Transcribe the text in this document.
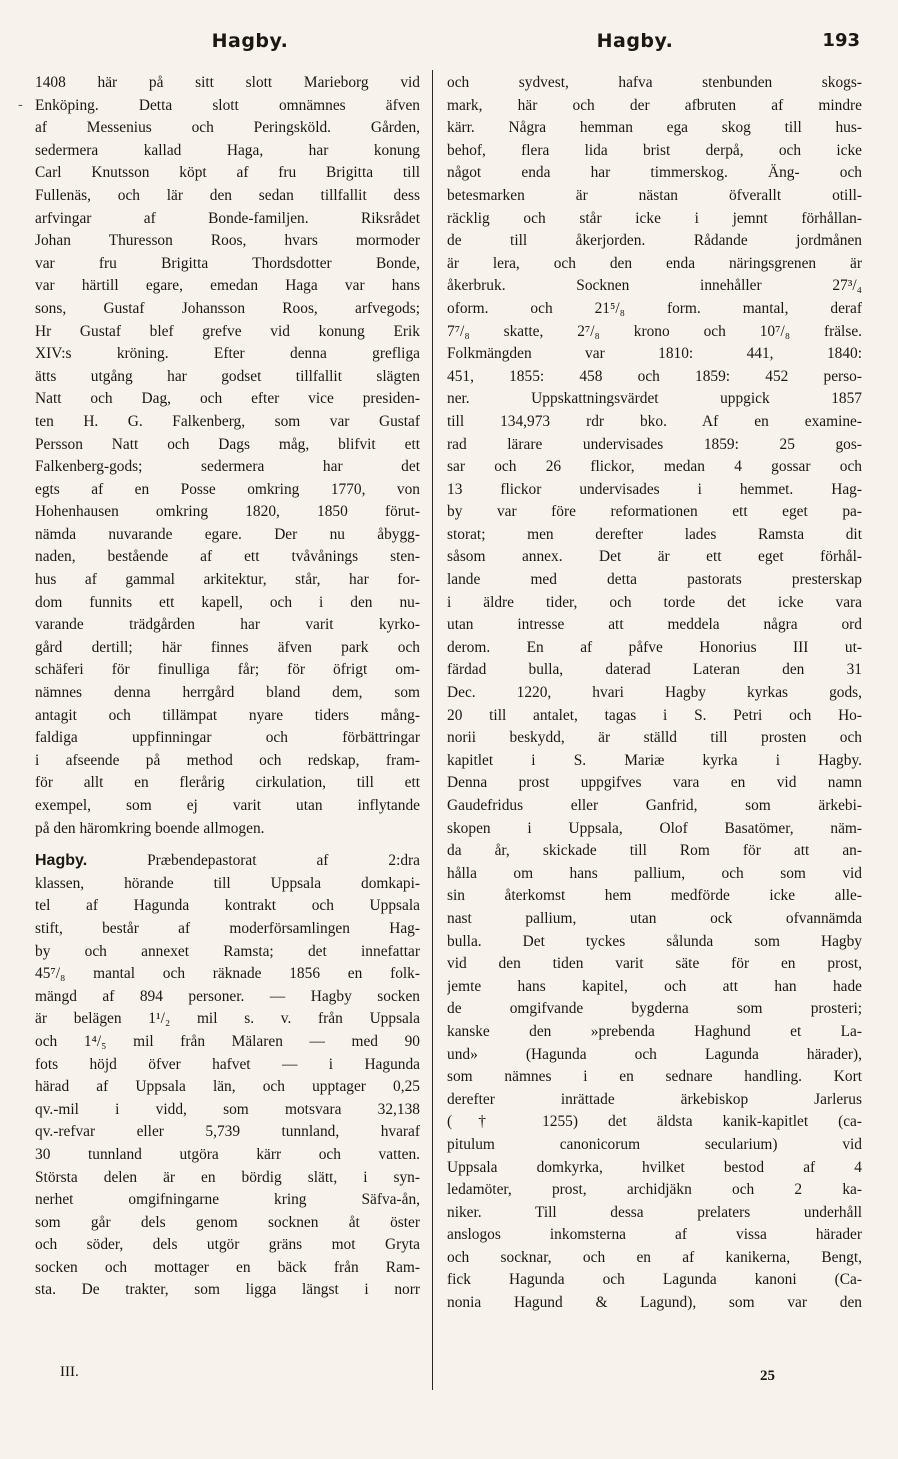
Hagby.	Hagby.	193
-
1408 här på sitt slott Marieborg vid
Enköping. Detta slott omnämnes äfven
af Messenius och Peringsköld. Gården,
sedermera kallad Haga, har konung
Carl Knutsson köpt af fru Brigitta till
Fullenäs, och lär den sedan tillfallit dess
arfvingar af Bonde-familjen. Riksrådet
Johan Thuresson Roos, hvars mormoder
var fru Brigitta Thordsdotter Bonde,
var härtill egare, emedan Haga var hans
sons, Gustaf Johansson Roos, arfvegods;
Hr Gustaf blef grefve vid konung Erik
XIV:s kröning. Efter denna grefliga
ätts utgång har godset tillfallit slägten
Natt och Dag, och efter vice presiden-
ten H. G. Falkenberg, som var Gustaf
Persson Natt och Dags måg, blifvit ett
Falkenberg-gods; sedermera har det
egts af en Posse omkring 1770, von
Hohenhausen omkring 1820, 1850 förut-
nämda nuvarande egare. Der nu åbygg-
naden, bestående af ett tvåvånings sten-
hus af gammal arkitektur, står, har for-
dom funnits ett kapell, och i den nu-
varande trädgården har varit kyrko-
gård dertill; här finnes äfven park och
schäferi för finulliga får; för öfrigt om-
nämnes denna herrgård bland dem, som
antagit och tillämpat nyare tiders mång-
faldiga uppfinningar och förbättringar
i afseende på method och redskap, fram-
för allt en flerårig cirkulation, till ett
exempel, som ej varit utan inflytande
på den häromkring boende allmogen.
Hagby. Præbendepastorat af 2:dra
klassen, hörande till Uppsala domkapi-
tel af Hagunda kontrakt och Uppsala
stift, består af moderförsamlingen Hag-
by och annexet Ramsta; det innefattar
45⁷/₈ mantal och räknade 1856 en folk-
mängd af 894 personer. — Hagby socken
är belägen 1¹/₂ mil s. v. från Uppsala
och 1⁴/₅ mil från Mälaren — med 90
fots höjd öfver hafvet — i Hagunda
härad af Uppsala län, och upptager 0,25
qv.-mil i vidd, som motsvara 32,138
qv.-refvar eller 5,739 tunnland, hvaraf
30 tunnland utgöra kärr och vatten.
Största delen är en bördig slätt, i syn-
nerhet omgifningarne kring Säfva-ån,
som går dels genom socknen åt öster
och söder, dels utgör gräns mot Gryta
socken och mottager en bäck från Ram-
sta. De trakter, som ligga längst i norr
och sydvest, hafva stenbunden skogs-
mark, här och der afbruten af mindre
kärr. Några hemman ega skog till hus-
behof, flera lida brist derpå, och icke
något enda har timmerskog. Äng- och
betesmarken är nästan öfverallt otill-
räcklig och står icke i jemnt förhållan-
de till åkerjorden. Rådande jordmånen
är lera, och den enda näringsgrenen är
åkerbruk. Socknen innehåller 27³/₄
oform. och 21⁵/₈ form. mantal, deraf
7⁷/₈ skatte, 2⁷/₈ krono och 10⁷/₈ frälse.
Folkmängden var 1810: 441, 1840:
451, 1855: 458 och 1859: 452 perso-
ner. Uppskattningsvärdet uppgick 1857
till 134,973 rdr bko. Af en examine-
rad lärare undervisades 1859: 25 gos-
sar och 26 flickor, medan 4 gossar och
13 flickor undervisades i hemmet. Hag-
by var före reformationen ett eget pa-
storat; men derefter lades Ramsta dit
såsom annex. Det är ett eget förhål-
lande med detta pastorats presterskap
i äldre tider, och torde det icke vara
utan intresse att meddela några ord
derom. En af påfve Honorius III ut-
färdad bulla, daterad Lateran den 31
Dec. 1220, hvari Hagby kyrkas gods,
20 till antalet, tagas i S. Petri och Ho-
norii beskydd, är ställd till prosten och
kapitlet i S. Mariæ kyrka i Hagby.
Denna prost uppgifves vara en vid namn
Gaudefridus eller Ganfrid, som ärkebi-
skopen i Uppsala, Olof Basatömer, näm-
da år, skickade till Rom för att an-
hålla om hans pallium, och som vid
sin återkomst hem medförde icke alle-
nast pallium, utan ock ofvannämda
bulla. Det tyckes sålunda som Hagby
vid den tiden varit säte för en prost,
jemte hans kapitel, och att han hade
de omgifvande bygderna som prosteri;
kanske den »prebenda Haghund et La-
und» (Hagunda och Lagunda härader),
som nämnes i en sednare handling. Kort
derefter inrättade ärkebiskop Jarlerus
(† 1255) det äldsta kanik-kapitlet (ca-
pitulum canonicorum secularium) vid
Uppsala domkyrka, hvilket bestod af 4
ledamöter, prost, archidjäkn och 2 ka-
niker. Till dessa prelaters underhåll
anslogos inkomsterna af vissa härader
och socknar, och en af kanikerna, Bengt,
fick Hagunda och Lagunda kanoni (Ca-
nonia Hagund & Lagund), som var den
III.	25
